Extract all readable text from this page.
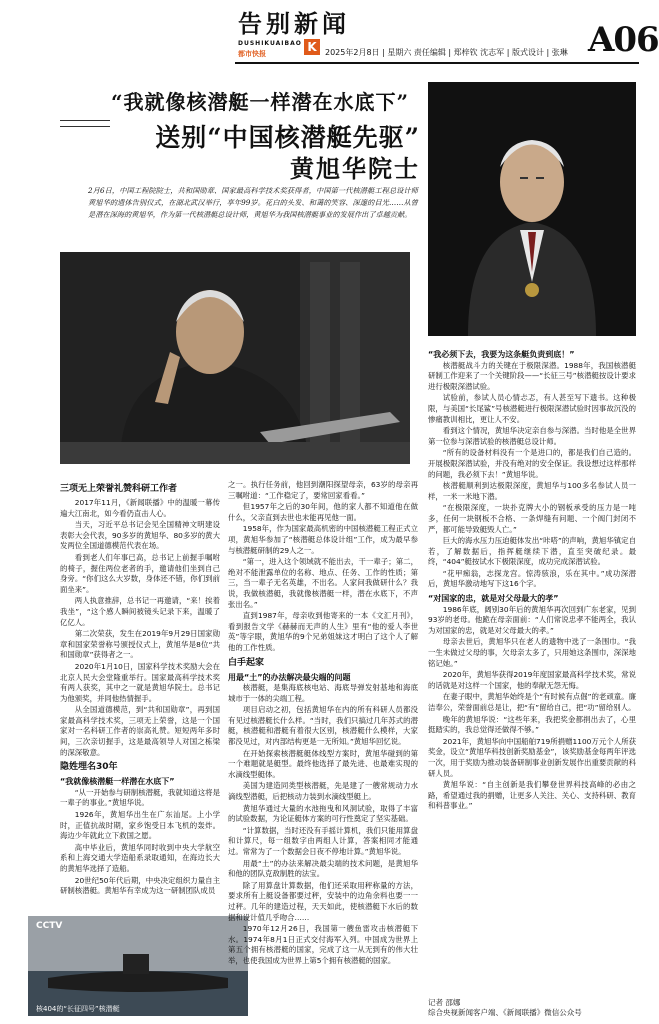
告别新闻
DUSHIKUAIBAO
都市快报	K	2025年2月8日 | 星期六 责任编辑 | 郑梓钦 沈志军 | 版式设计 | 张琳 A06
“我就像核潜艇一样潜在水底下”
送别“中国核潜艇先驱”
黄旭华院士
2月6日，中国工程院院士，共和国勋章、国家最高科学技术奖获得者，中国第一代核潜艇工程总设计师黄旭华的遗体告别仪式，在湖北武汉举行，享年99岁。花白的头发、和蔼的笑容、深邃的目光……从曾是潜在深海的黄旭华，作为第一代核潜艇总设计师，黄旭华为我国核潜艇事业的发展作出了卓越贡献。
CCTV
核404的“长征四号”核潜艇
三项无上荣誉礼赞科研工作者

2017年11月，《新闻联播》中的温暖一幕传遍大江南北，如今看仍直击人心。

当天，习近平总书记会见全国精神文明建设表彰大会代表，90多岁的黄旭华、80多岁的黄大发两位全国道德模范代表在场。

看到老人们年事已高，总书记上前握手嘱咐的椅子，握住两位老者的手，邀请他们坐到自己身旁。“你们这么大岁数，身体还不错，你们到前面坐来”。

两人执意推辞，总书记一再邀请，“来！挨着我坐”，“这个感人瞬间被镜头记录下来，温暖了亿亿人。

第二次荣获，发生在2019年9月29日国家勋章和国家荣誉称号颁授仪式上，黄旭华是8位“共和国勋章”获得者之一。

2020年1月10日，国家科学技术奖励大会在北京人民大会堂隆重举行。国家最高科学技术奖有两人获奖，其中之一就是黄旭华院士。总书记为他颁奖，并同他热情握手。

从全国道德模范，到“共和国勋章”，再到国家最高科学技术奖，三项无上荣誉，这是一个国家对一名科研工作者的崇高礼赞。短短两年多时间，三次亲切握手，这是最高领导人对国之栋梁的深深敬意。

隐姓埋名30年
“我就像核潜艇一样潜在水底下”

“从一开始参与研制核潜艇，我就知道这将是一辈子的事业。”黄旭华说。

1926年，黄旭华出生在广东汕尾。上小学时，正值抗战时期，家乡饱受日本飞机的轰炸。海边少年就此立下救国之愿。

高中毕业后，黄旭华同时收到中央大学航空系和上海交通大学造船系录取通知，在海边长大的黄旭华选择了造船。

20世纪50年代后期，中央决定组织力量自主研制核潜艇。黄旭华有幸成为这一研制团队成员

之一。执行任务前，他回到潮阳探望母亲，63岁的母亲再三嘱咐道：“工作稳定了，要常回家看看。”

但1957年之后的30年间，他的家人都不知道他在做什么，父亲直到去世也未能再见他一面。

1958年，作为国家最高机密的中国核潜艇工程正式立项，黄旭华参加了“核潜艇总体设计组”工作，成为最早参与核潜艇研制的29人之一。

“第一，进入这个领域就不能出去，干一辈子；第二，绝对不能泄露单位的名称、地点、任务、工作的性质；第三，当一辈子无名英雄，不出名。人家问我做研什么？我说，我做核潜艇，我就像核潜艇一样，潜在水底下，不声张出名。”

直到1987年，母亲收到他寄来的一本《文汇月刊》，看到报告文学《赫赫而无声的人生》里有“他的爱人李世英”等字眼，黄旭华的9个兄弟姐妹这才明白了这个人了解他的工作性质。

白手起家
用最“土”的办法解决最尖端的问题

核潜艇，是集海底核电站、海底导弹发射基地和海底城市于一体的尖端工程。

项目启动之初，包括黄旭华在内的所有科研人员都没有见过核潜艇长什么样。“当时，我们只搞过几年苏式的潜艇，核潜艇和潜艇有着很大区别，核潜艇什么模样，大家都没见过，对内部结构更是一无所知。”黄旭华回忆说。

在开始探索核潜艇艇体线型方案时，黄旭华碰到的第一个难题就是艇型。最终他选择了最先进、也最难实现的水滴线型艇体。

美国为建造同类型核潜艇，先是建了一艘常规动力水滴线型潜艇，后把核动力装到水滴线型艇上。

黄旭华通过大量的水池拖曳和风洞试验，取得了丰富的试验数据，为论证艇体方案的可行性奠定了坚实基础。

“计算数据，当时还没有手摇计算机，我们只能用算盘和计算尺，每一组数字由两组人计算，答案相同才能通过。常常为了一个数据会日夜不停地计算。”黄旭华说。

用最“土”的办法来解决最尖端的技术问题，是黄旭华和他的团队克敌制胜的法宝。

除了用算盘计算数据，他们还采取用秤称量的方法，要求所有上艇设备都要过秤，安装中的边角余料也要一一过秤。几年的建造过程，天天如此，使核潜艇下水后的数据和设计值几乎吻合……

1970年12月26日，我国第一艘鱼雷攻击核潜艇下水。1974年8月1日正式交付海军入列。中国成为世界上第五个拥有核潜艇的国家，完成了这一从无到有的伟大壮举，也使我国成为世界上第5个拥有核潜艇的国家。

“我必须下去，我要为这条艇负责到底！”

核潜艇战斗力的关键在于极限深潜。1988年，我国核潜艇研制工作迎来了一个关键阶段——“长征三号”核潜艇按设计要求进行极限深潜试验。

试验前，参试人员心情忐忑，有人甚至写下遗书。这种极限，与美国“长尾鲨”号核潜艇进行极限深潜试验时因事故沉没的惨痛教训相比，更让人不安。

看到这个情况，黄旭华决定亲自参与深潜。当时他是全世界第一位参与深潜试验的核潜艇总设计师。

“所有的设备材料没有一个是进口的，都是我们自己造的。开展极限深潜试验，并没有绝对的安全保证。我设想过这样那样的问题，我必须下去！”黄旭华说。

核潜艇顺利到达极限深度，黄旭华与100多名参试人员一样，一米一米地下潜。

“在极限深度，一块扑克牌大小的钢板承受的压力是一吨多，任何一块钢板不合格、一条焊缝有问题、一个阀门封闭不严，都可能导致艇毁人亡。”

巨大的海水压力压迫艇体发出“咔嗒”的声响，黄旭华镇定自若，了解数据后，指挥艇继续下潜，直至突破纪录。最终，“404”艇按试水下极限深度，成功完成深潜试验。

“花甲痴翁，志探龙宫。惊涛骇浪，乐在其中。”成功深潜后，黄旭华激动地写下这16个字。

“对国家的忠，就是对父母最大的孝”

1986年底，阔别30年后的黄旭华再次回到广东老家，见到93岁的老母。他跪在母亲面前：“人们常说忠孝不能两全，我认为对国家的忠，就是对父母最大的孝。”

母亲去世后，黄旭华只在老人的遗物中选了一条围巾。“我一生未做过父母的事，欠母亲太多了，只用她这条围巾，深深地铭记她。”

2020年，黄旭华获得2019年度国家最高科学技术奖，常说的话就是对这样一个国家，他的奉献无怨无悔。

在妻子眼中，黄旭华始终是个“有时候有点倔”的老顽童。廉洁奉公，荣誉面前总是让，把“有”留给自己，把“功”留给别人。

晚年的黄旭华说：“这些年来，我把奖金都捐出去了，心里挺踏实的，我总觉得还做得不够。”

2021年，黄旭华向中国船舶719所捐赠1100万元个人所获奖金，设立“黄旭华科技创新奖励基金”，该奖励基金每两年评选一次，用于奖励为推动装备研制事业创新发展作出重要贡献的科研人员。

黄旭华说：“自主创新是我们攀登世界科技高峰的必由之路，希望通过我的捐赠，让更多人关注、关心、支持科研、教育和科普事业。”

记者 邵娜
综合央视新闻客户端、《新闻联播》微信公众号
